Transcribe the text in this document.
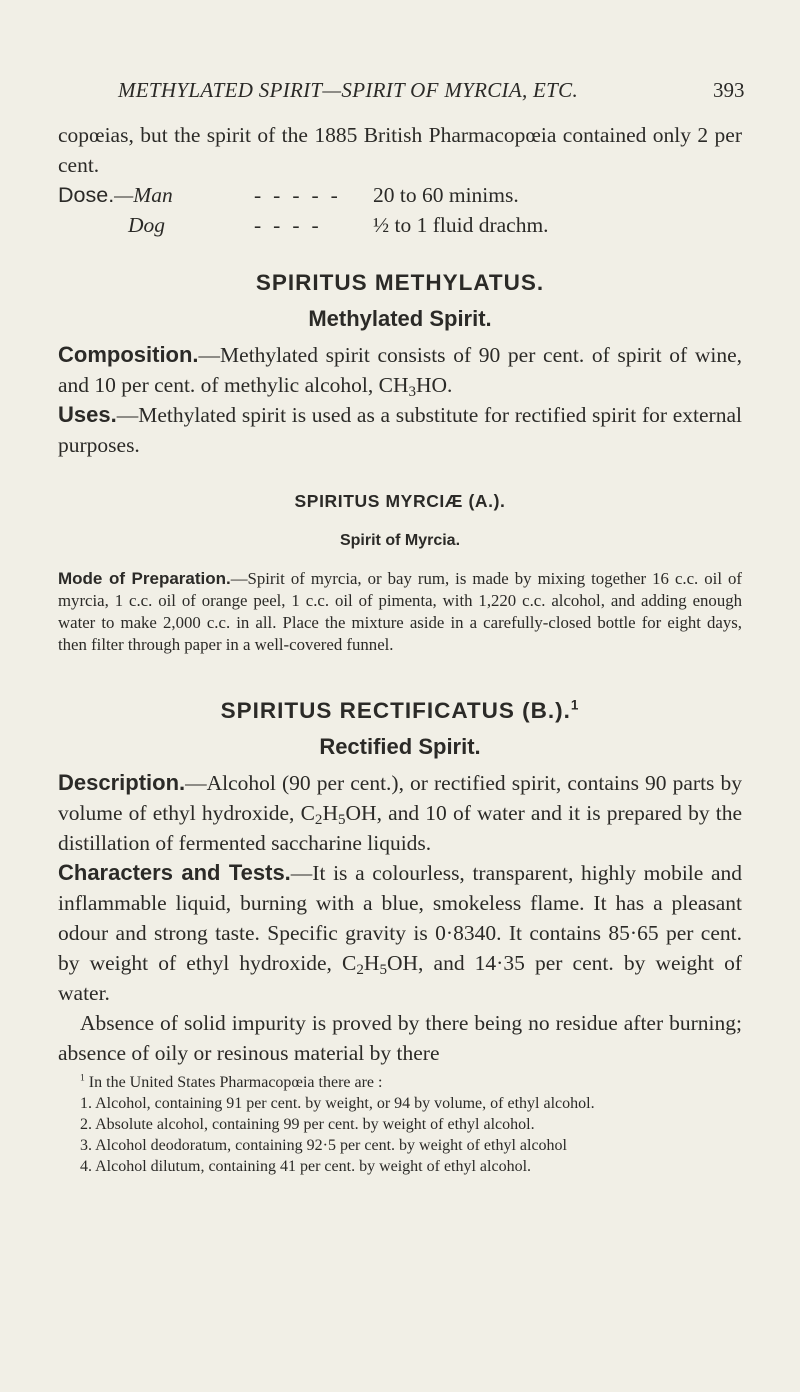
METHYLATED SPIRIT—SPIRIT OF MYRCIA, ETC.	393

copœias, but the spirit of the 1885 British Pharmacopœia contained only 2 per cent.

Dose.—Man	----- 20 to 60 minims.
Dog	---- ½ to 1 fluid drachm.
SPIRITUS METHYLATUS.
Methylated Spirit.

Composition.—Methylated spirit consists of 90 per cent. of spirit of wine, and 10 per cent. of methylic alcohol, $CH_3HO$.

Uses.—Methylated spirit is used as a substitute for rectified spirit for external purposes.

SPIRITUS MYRCIÆ (A.).
Spirit of Myrcia.

Mode of Preparation.—Spirit of myrcia, or bay rum, is made by mixing together 16 c.c. oil of myrcia, 1 c.c. oil of orange peel, 1 c.c. oil of pimenta, with 1,220 c.c. alcohol, and adding enough water to make 2,000 c.c. in all. Place the mixture aside in a carefully-closed bottle for eight days, then filter through paper in a well-covered funnel.

SPIRITUS RECTIFICATUS (B.).$^1$
Rectified Spirit.

Description.—Alcohol (90 per cent.), or rectified spirit, contains 90 parts by volume of ethyl hydroxide, $C_2H_5OH$, and 10 of water and it is prepared by the distillation of fermented saccharine liquids.

Characters and Tests.—It is a colourless, transparent, highly mobile and inflammable liquid, burning with a blue, smokeless flame. It has a pleasant odour and strong taste. Specific gravity is 0·8340. It contains 85·65 per cent. by weight of ethyl hydroxide, $C_2H_5OH$, and 14·35 per cent. by weight of water.

Absence of solid impurity is proved by there being no residue after burning; absence of oily or resinous material by there

$^1$ In the United States Pharmacopœia there are :

1. Alcohol, containing 91 per cent. by weight, or 94 by volume, of ethyl alcohol.

2. Absolute alcohol, containing 99 per cent. by weight of ethyl alcohol.

3. Alcohol deodoratum, containing 92·5 per cent. by weight of ethyl alcohol

4. Alcohol dilutum, containing 41 per cent. by weight of ethyl alcohol.
